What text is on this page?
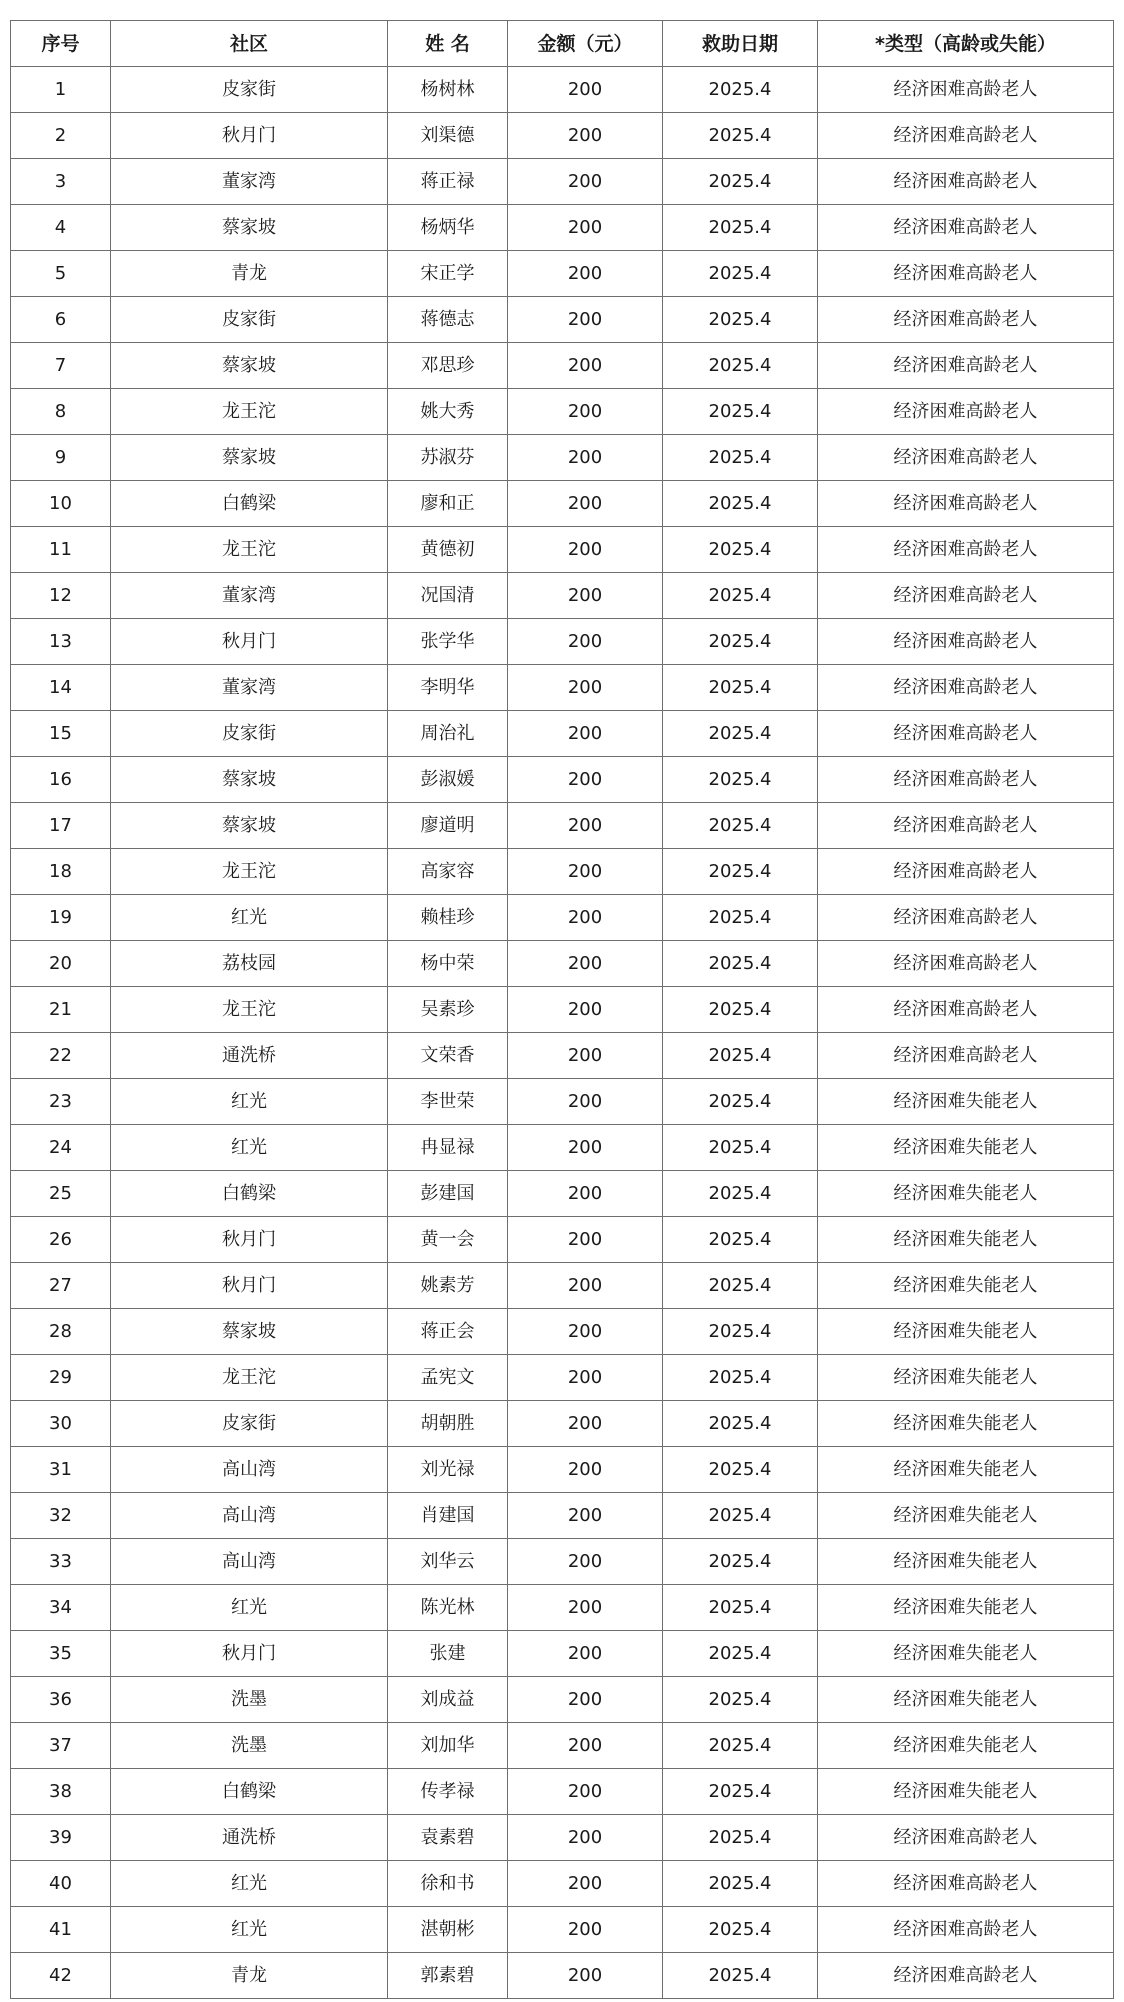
序号	社区	姓 名	金额（元）	救助日期	*类型（高龄或失能）
1	皮家街	杨树林	200	2025.4	经济困难高龄老人
2	秋月门	刘渠德	200	2025.4	经济困难高龄老人
3	董家湾	蒋正禄	200	2025.4	经济困难高龄老人
4	蔡家坡	杨炳华	200	2025.4	经济困难高龄老人
5	青龙	宋正学	200	2025.4	经济困难高龄老人
6	皮家街	蒋德志	200	2025.4	经济困难高龄老人
7	蔡家坡	邓思珍	200	2025.4	经济困难高龄老人
8	龙王沱	姚大秀	200	2025.4	经济困难高龄老人
9	蔡家坡	苏淑芬	200	2025.4	经济困难高龄老人
10	白鹤梁	廖和正	200	2025.4	经济困难高龄老人
11	龙王沱	黄德初	200	2025.4	经济困难高龄老人
12	董家湾	况国清	200	2025.4	经济困难高龄老人
13	秋月门	张学华	200	2025.4	经济困难高龄老人
14	董家湾	李明华	200	2025.4	经济困难高龄老人
15	皮家街	周治礼	200	2025.4	经济困难高龄老人
16	蔡家坡	彭淑媛	200	2025.4	经济困难高龄老人
17	蔡家坡	廖道明	200	2025.4	经济困难高龄老人
18	龙王沱	高家容	200	2025.4	经济困难高龄老人
19	红光	赖桂珍	200	2025.4	经济困难高龄老人
20	荔枝园	杨中荣	200	2025.4	经济困难高龄老人
21	龙王沱	吴素珍	200	2025.4	经济困难高龄老人
22	通洗桥	文荣香	200	2025.4	经济困难高龄老人
23	红光	李世荣	200	2025.4	经济困难失能老人
24	红光	冉显禄	200	2025.4	经济困难失能老人
25	白鹤梁	彭建国	200	2025.4	经济困难失能老人
26	秋月门	黄一会	200	2025.4	经济困难失能老人
27	秋月门	姚素芳	200	2025.4	经济困难失能老人
28	蔡家坡	蒋正会	200	2025.4	经济困难失能老人
29	龙王沱	孟宪文	200	2025.4	经济困难失能老人
30	皮家街	胡朝胜	200	2025.4	经济困难失能老人
31	高山湾	刘光禄	200	2025.4	经济困难失能老人
32	高山湾	肖建国	200	2025.4	经济困难失能老人
33	高山湾	刘华云	200	2025.4	经济困难失能老人
34	红光	陈光林	200	2025.4	经济困难失能老人
35	秋月门	张建	200	2025.4	经济困难失能老人
36	洗墨	刘成益	200	2025.4	经济困难失能老人
37	洗墨	刘加华	200	2025.4	经济困难失能老人
38	白鹤梁	传孝禄	200	2025.4	经济困难失能老人
39	通洗桥	袁素碧	200	2025.4	经济困难高龄老人
40	红光	徐和书	200	2025.4	经济困难高龄老人
41	红光	湛朝彬	200	2025.4	经济困难高龄老人
42	青龙	郭素碧	200	2025.4	经济困难高龄老人
